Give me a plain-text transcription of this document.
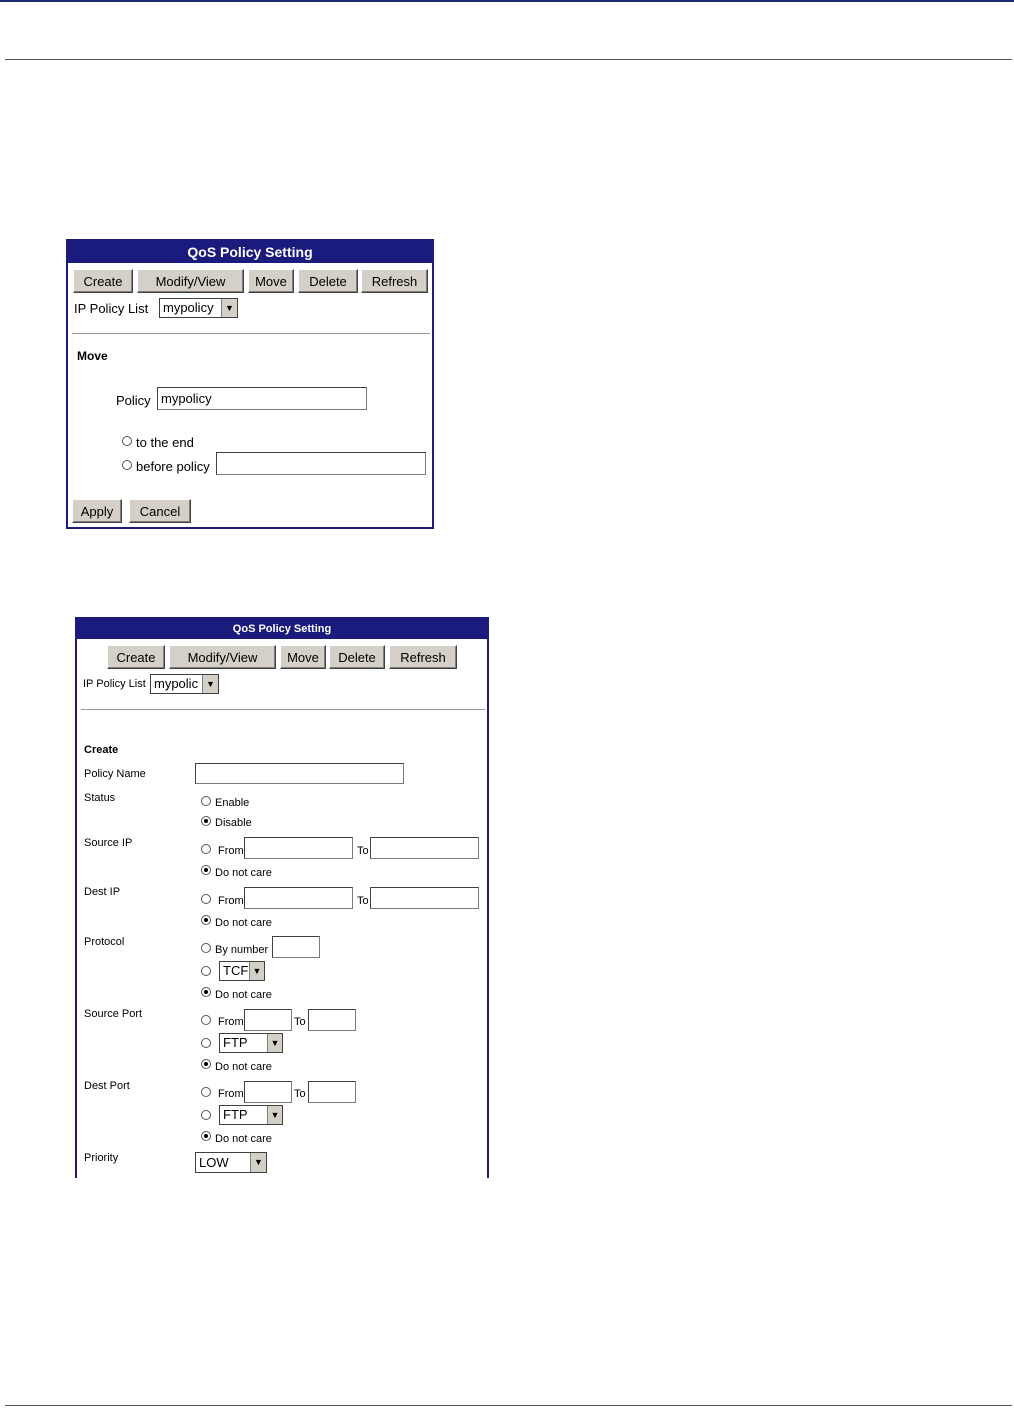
QoS Policy Setting
Create	Modify/View	Move	Delete	Refresh
IP Policy List mypolicy	▼
Move
Policy mypolicy
to the end
before policy
Apply	Cancel
QoS Policy Setting
Create	Modify/View	Move	Delete	Refresh
IP Policy List mypolic ▼
Create
Policy Name
Status	Enable
Disable
Source IP
From	To
Do not care
Dest IP
From	To
Do not care
Protocol
By number
TCF ▼
Do not care
Source Port
From	To
FTP	▼
Do not care
Dest Port
From	To
FTP	▼
Do not care
Priority	LOW	▼
